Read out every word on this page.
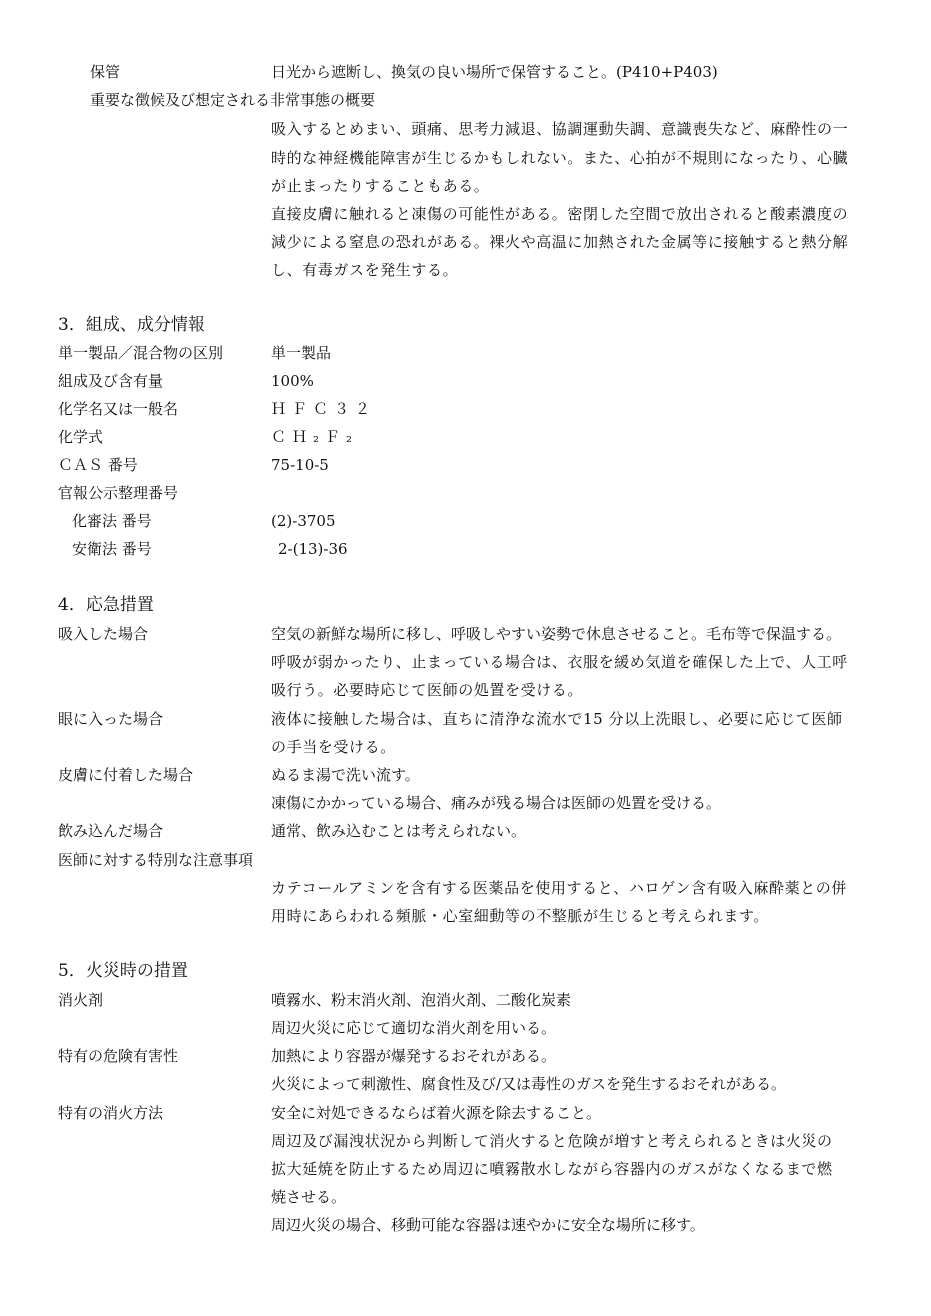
保管	日光から遮断し、換気の良い場所で保管すること。(P410+P403)
重要な徴候及び想定される非常事態の概要
吸入するとめまい、頭痛、思考力減退、協調運動失調、意識喪失など、麻酔性の一
時的な神経機能障害が生じるかもしれない。また、心拍が不規則になったり、心臓
が止まったりすることもある。
直接皮膚に触れると凍傷の可能性がある。密閉した空間で放出されると酸素濃度の
減少による窒息の恐れがある。裸火や高温に加熱された金属等に接触すると熱分解
し、有毒ガスを発生する。
3．組成、成分情報
単一製品／混合物の区別	単一製品
組成及び含有量	100%
化学名又は一般名	ＨＦＣ３２
化学式	ＣＨ₂Ｆ₂
ＣＡＳ 番号	75-10-5
官報公示整理番号
化審法 番号	(2)-3705
安衛法 番号	2-(13)-36
4．応急措置
吸入した場合	空気の新鮮な場所に移し、呼吸しやすい姿勢で休息させること。毛布等で保温する。
呼吸が弱かったり、止まっている場合は、衣服を緩め気道を確保した上で、人工呼
吸行う。必要時応じて医師の処置を受ける。
眼に入った場合	液体に接触した場合は、直ちに清浄な流水で15 分以上洗眼し、必要に応じて医師
の手当を受ける。
皮膚に付着した場合	ぬるま湯で洗い流す。
凍傷にかかっている場合、痛みが残る場合は医師の処置を受ける。
飲み込んだ場合	通常、飲み込むことは考えられない。
医師に対する特別な注意事項
カテコールアミンを含有する医薬品を使用すると、ハロゲン含有吸入麻酔薬との併
用時にあらわれる頻脈・心室細動等の不整脈が生じると考えられます。
5．火災時の措置
消火剤	噴霧水、粉末消火剤、泡消火剤、二酸化炭素
周辺火災に応じて適切な消火剤を用いる。
特有の危険有害性	加熱により容器が爆発するおそれがある。
火災によって刺激性、腐食性及び/又は毒性のガスを発生するおそれがある。
特有の消火方法	安全に対処できるならば着火源を除去すること。
周辺及び漏洩状況から判断して消火すると危険が増すと考えられるときは火災の
拡大延焼を防止するため周辺に噴霧散水しながら容器内のガスがなくなるまで燃
焼させる。
周辺火災の場合、移動可能な容器は速やかに安全な場所に移す。
